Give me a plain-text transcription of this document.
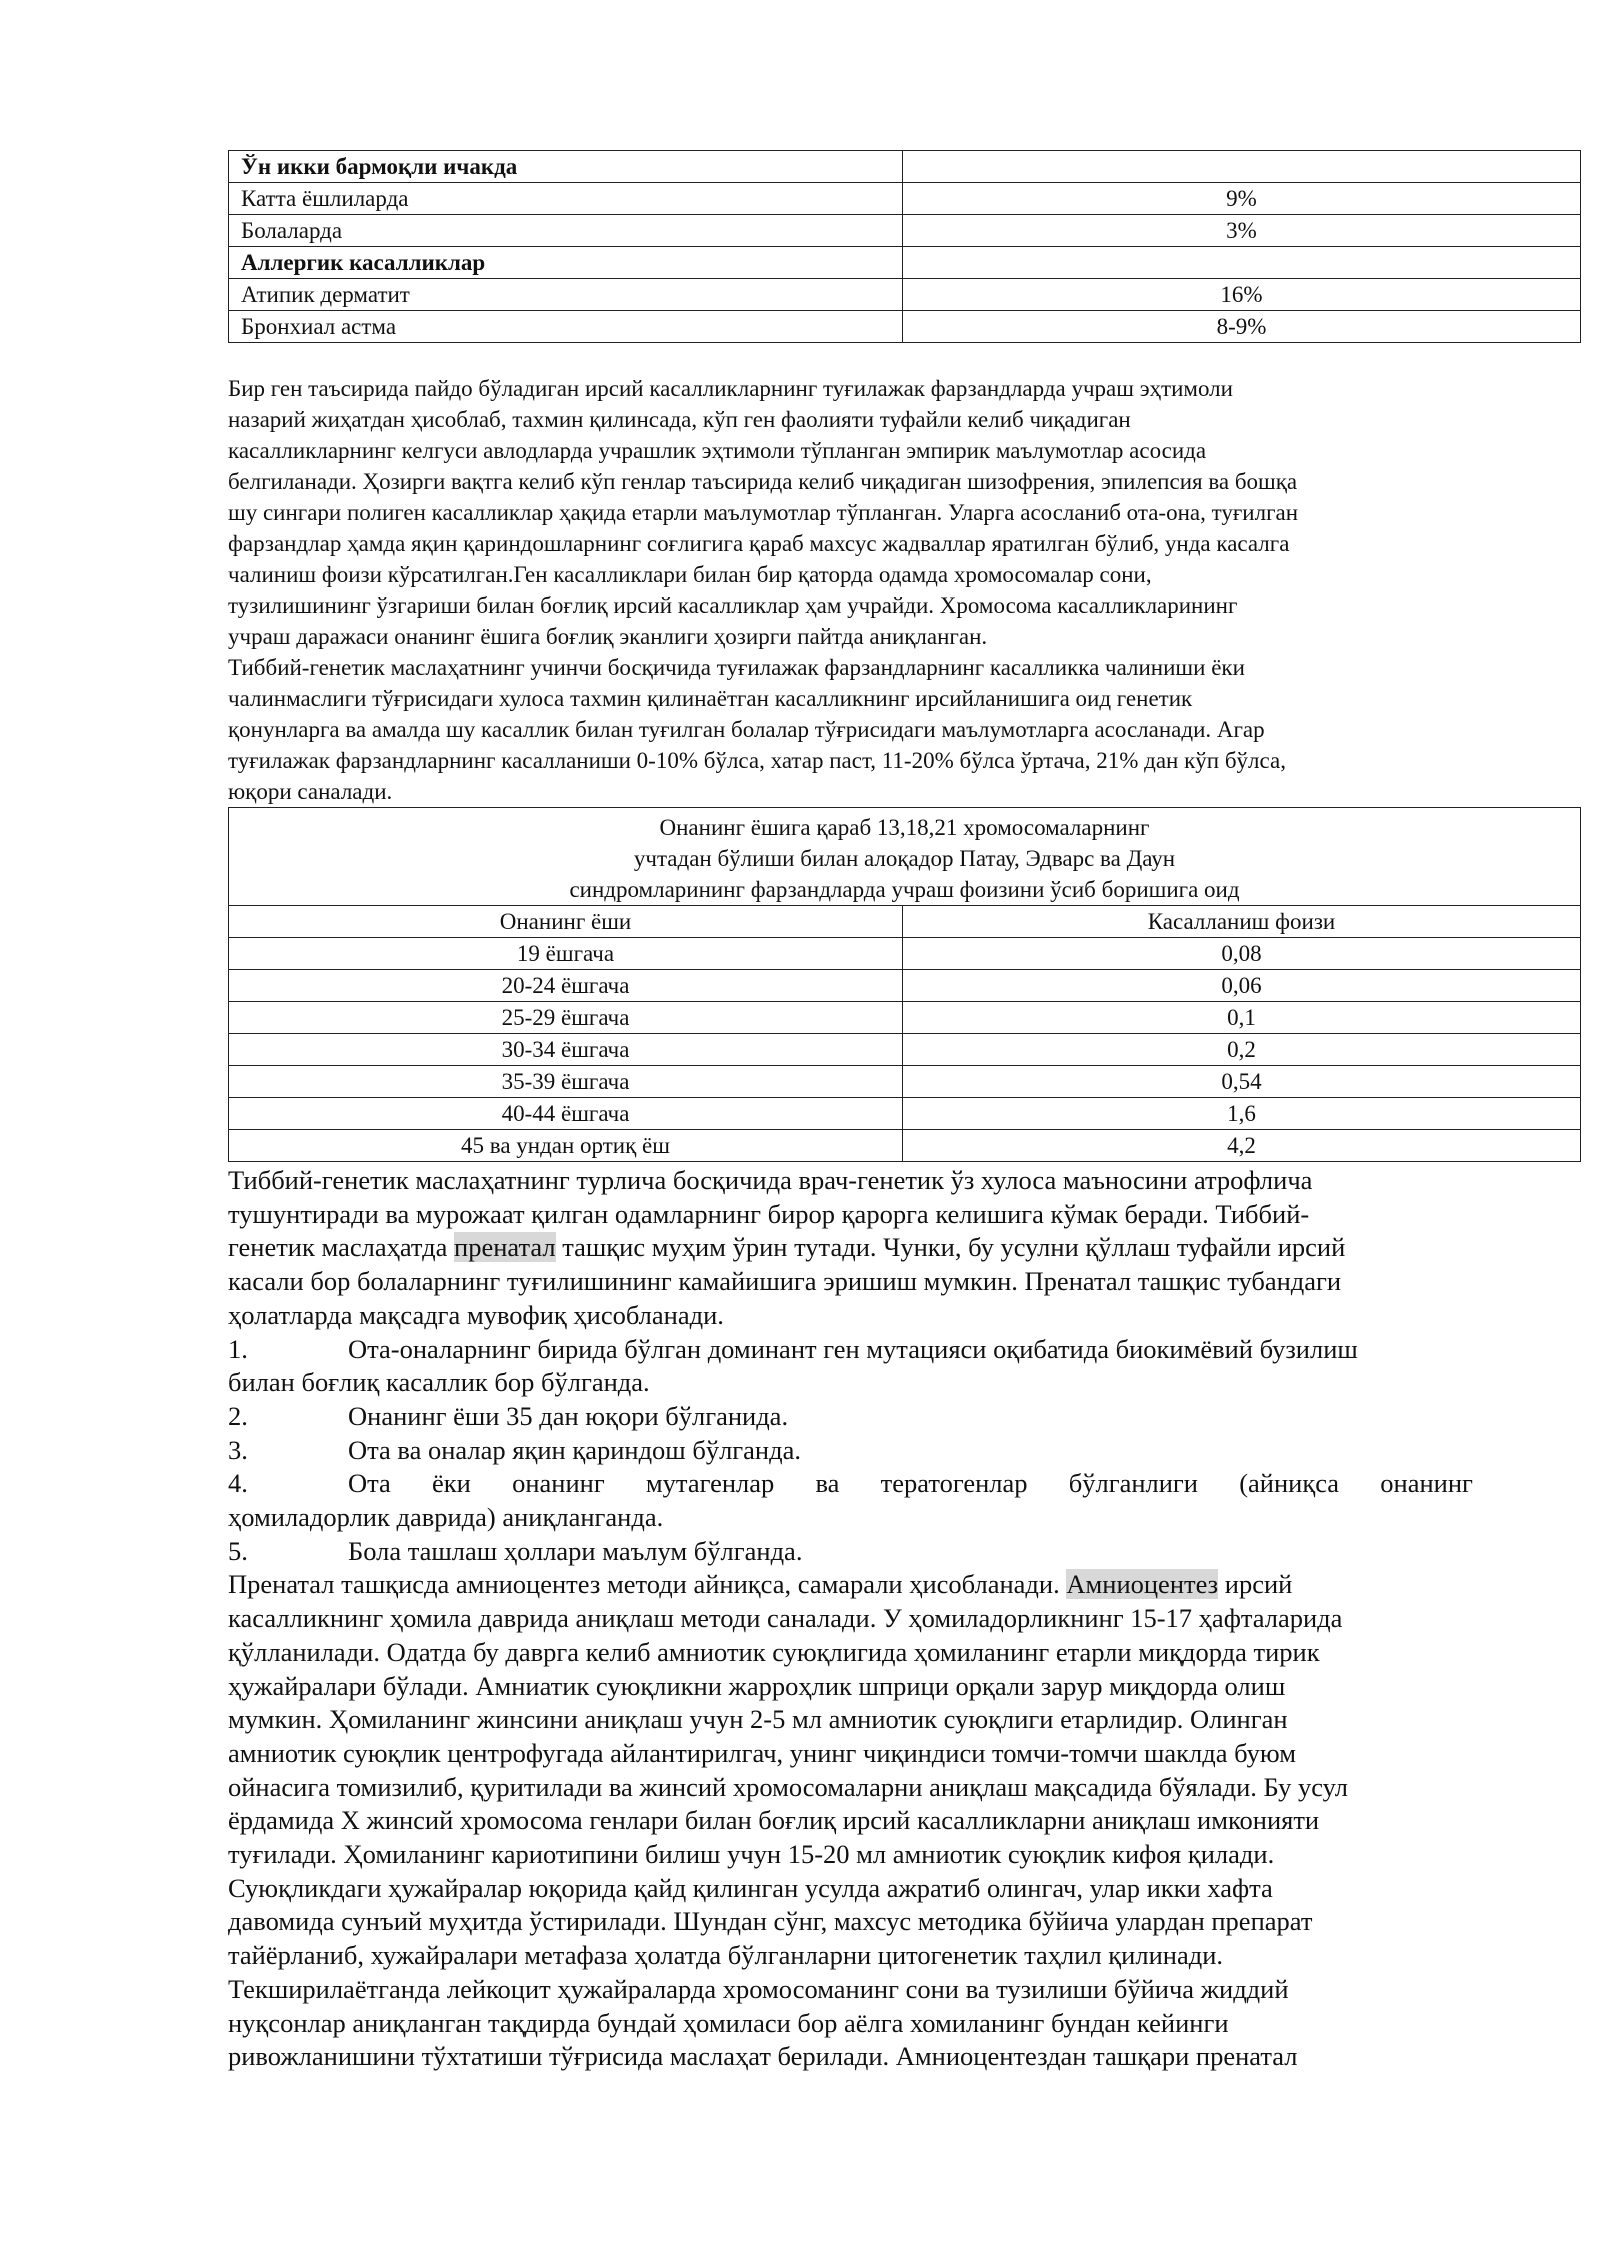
Ўн икки бармоқли ичакда	
Катта ёшлиларда	9%
Болаларда	3%
Аллергик касалликлар	
Атипик дерматит	16%
Бронхиал астма	8-9%

Бир ген таъсирида пайдо бўладиган ирсий касалликларнинг туғилажак фарзандларда учраш эҳтимоли
назарий жиҳатдан ҳисоблаб, тахмин қилинсада, кўп ген фаолияти туфайли келиб чиқадиган
касалликларнинг келгуси авлодларда учрашлик эҳтимоли тўпланган эмпирик маълумотлар асосида
белгиланади. Ҳозирги вақтга келиб кўп генлар таъсирида келиб чиқадиган шизофрения, эпилепсия ва бошқа
шу сингари полиген касалликлар ҳақида етарли маълумотлар тўпланган. Уларга асосланиб ота-она, туғилган
фарзандлар ҳамда яқин қариндошларнинг соғлигига қараб махсус жадваллар яратилган бўлиб, унда касалга
чалиниш фоизи кўрсатилган.Ген касалликлари билан бир қаторда одамда хромосомалар сони,
тузилишининг ўзгариши билан боғлиқ ирсий касалликлар ҳам учрайди. Хромосома касалликларининг
учраш даражаси онанинг ёшига боғлиқ эканлиги ҳозирги пайтда аниқланган.
Тиббий-генетик маслаҳатнинг учинчи босқичида туғилажак фарзандларнинг касалликка чалиниши ёки
чалинмаслиги тўғрисидаги хулоса тахмин қилинаётган касалликнинг ирсийланишига оид генетик
қонунларга ва амалда шу касаллик билан туғилган болалар тўғрисидаги маълумотларга асосланади. Агар
туғилажак фарзандларнинг касалланиши 0-10% бўлса, хатар паст, 11-20% бўлса ўртача, 21% дан кўп бўлса,
юқори саналади.

Онанинг ёшига қараб 13,18,21 хромосомаларнинг
учтадан бўлиши билан алоқадор Патау, Эдварс ва Даун
синдромларининг фарзандларда учраш фоизини ўсиб боришига оид	

Онанинг ёши	Касалланиш фоизи
19 ёшгача	0,08
20-24 ёшгача	0,06
25-29 ёшгача	0,1
30-34 ёшгача	0,2
35-39 ёшгача	0,54
40-44 ёшгача	1,6
45 ва ундан ортиқ ёш	4,2
Тиббий-генетик маслаҳатнинг турлича босқичида врач-генетик ўз хулоса маъносини атрофлича
тушунтиради ва мурожаат қилган одамларнинг бирор қарорга келишига кўмак беради. Тиббий-
генетик маслаҳатда пренатал ташқис муҳим ўрин тутади. Чунки, бу усулни қўллаш туфайли ирсий
касали бор болаларнинг туғилишининг камайишига эришиш мумкин. Пренатал ташқис тубандаги
ҳолатларда мақсадга мувофиқ ҳисобланади.
1.	Ота-оналарнинг бирида бўлган доминант ген мутацияси оқибатида биокимёвий бузилиш
билан боғлиқ касаллик бор бўлганда.
2.	Онанинг ёши 35 дан юқори бўлганида.
3.	Ота ва оналар яқин қариндош бўлганда.
4.	Ота ёки онанинг мутагенлар ва тератогенлар бўлганлиги (айниқса онанинг
ҳомиладорлик даврида) аниқланганда.
5.	Бола ташлаш ҳоллари маълум бўлганда.
Пренатал ташқисда амниоцентез методи айниқса, самарали ҳисобланади. Амниоцентез ирсий
касалликнинг ҳомила даврида аниқлаш методи саналади. У ҳомиладорликнинг 15-17 ҳафталарида
қўлланилади. Одатда бу даврга келиб амниотик суюқлигида ҳомиланинг етарли миқдорда тирик
ҳужайралари бўлади. Амниатик суюқликни жарроҳлик шприци орқали зарур миқдорда олиш
мумкин. Ҳомиланинг жинсини аниқлаш учун 2-5 мл амниотик суюқлиги етарлидир. Олинган
амниотик суюқлик центрофугада айлантирилгач, унинг чиқиндиси томчи-томчи шаклда буюм
ойнасига томизилиб, қуритилади ва жинсий хромосомаларни аниқлаш мақсадида бўялади. Бу усул
ёрдамида X жинсий хромосома генлари билан боғлиқ ирсий касалликларни аниқлаш имконияти
туғилади. Ҳомиланинг кариотипини билиш учун 15-20 мл амниотик суюқлик кифоя қилади.
Суюқликдаги ҳужайралар юқорида қайд қилинган усулда ажратиб олингач, улар икки хафта
давомида сунъий муҳитда ўстирилади. Шундан сўнг, махсус методика бўйича улардан препарат
тайёрланиб, хужайралари метафаза ҳолатда бўлганларни цитогенетик таҳлил қилинади.
Текширилаётганда лейкоцит ҳужайраларда хромосоманинг сони ва тузилиши бўйича жиддий
нуқсонлар аниқланган тақдирда бундай ҳомиласи бор аёлга хомиланинг бундан кейинги
ривожланишини тўхтатиши тўғрисида маслаҳат берилади. Амниоцентездан ташқари пренатал
